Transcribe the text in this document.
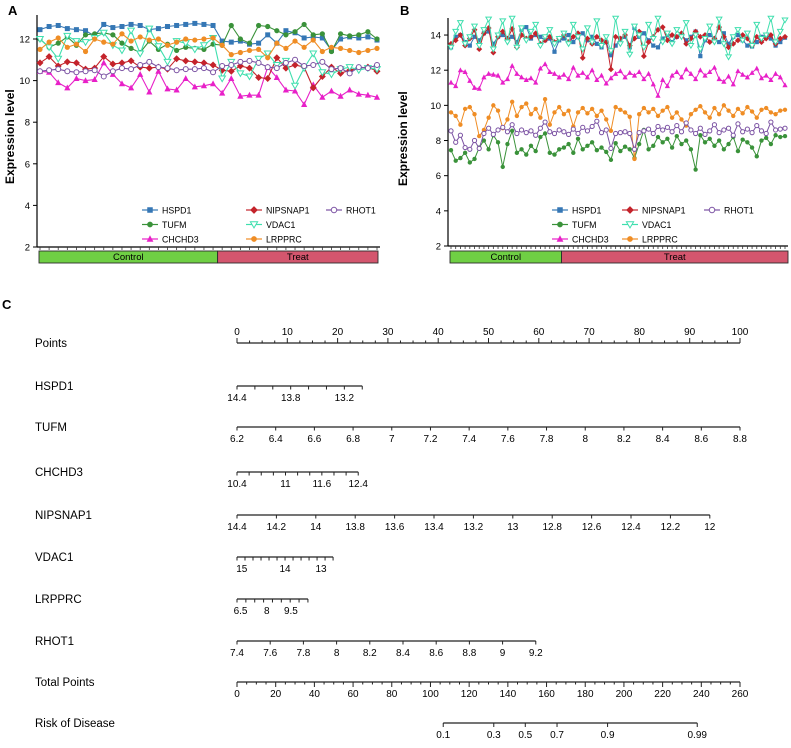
2
4
6
8
10
12
Control	Treat
HSPD1
TUFM
CHCHD3
NIPSNAP1
VDAC1
LRPPRC
RHOT1
2
4
6
8
10
12
14
Control	Treat
HSPD1
TUFM
CHCHD3
NIPSNAP1
VDAC1
LRPPRC
RHOT1
Points
0	10	20	30	40	50	60	70	80	90	100
HSPD1
14.4	13.8	13.2
TUFM
6.2 6.4 6.6 6.8	7	7.2 7.4 7.6 7.8	8	8.2 8.4 8.6 8.8
CHCHD3
10.4	11 11.6 12.4
NIPSNAP1
14.4 14.2 14 13.8 13.6 13.4 13.2 13 12.8 12.6 12.4 12.2 12
VDAC1
15	14 13
LRPPRC
6.5 8 9.5
RHOT1
7.4 7.6 7.8 8 8.2 8.4 8.6 8.8 9 9.2
Total Points
0	20	40	60	80 100 120 140 160 180 200 220 240 260
Risk of Disease
0.1	0.3 0.5 0.7	0.9	0.99
A	B
C
Expression level	Expression level
